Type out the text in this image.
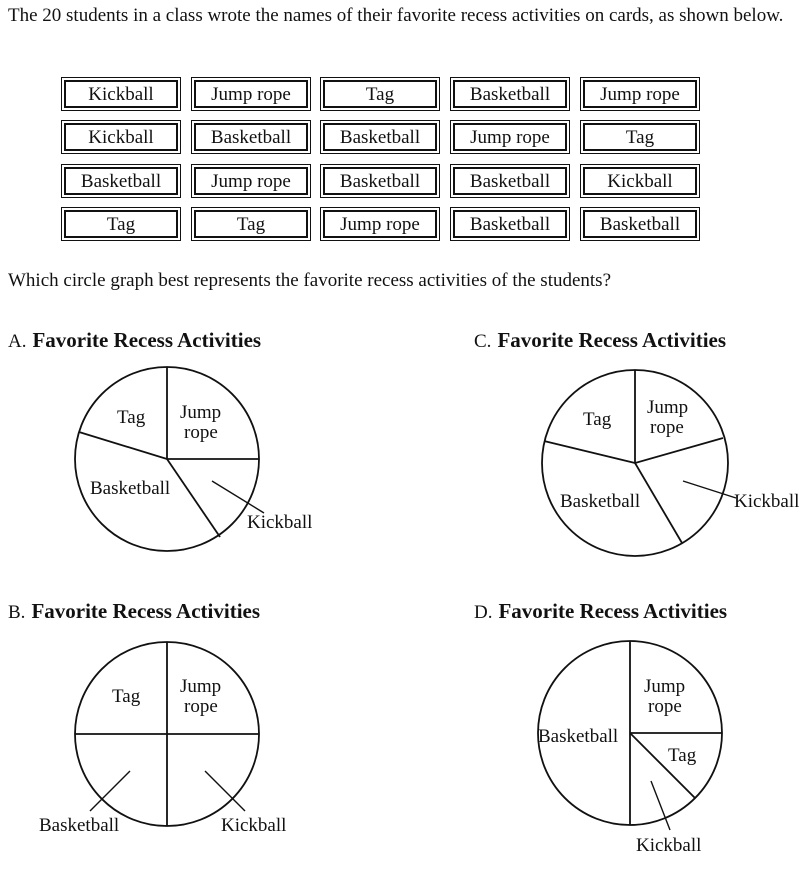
The 20 students in a class wrote the names of their favorite recess activities on cards, as shown below.
Kickball	Jump rope	Tag	Basketball	Jump rope
Kickball	Basketball	Basketball	Jump rope	Tag
Basketball	Jump rope	Basketball	Basketball	Kickball
Tag	Tag	Jump rope	Basketball	Basketball
Which circle graph best represents the favorite recess activities of the students?
A. Favorite Recess Activities
Tag Jump
rope
Basketball
Kickball
C. Favorite Recess Activities
Tag
Jump
rope
Basketball	Kickball
B. Favorite Recess Activities
Tag Jump
rope
Basketball	Kickball
D. Favorite Recess Activities
Jump
rope
Tag
Basketball
Kickball
